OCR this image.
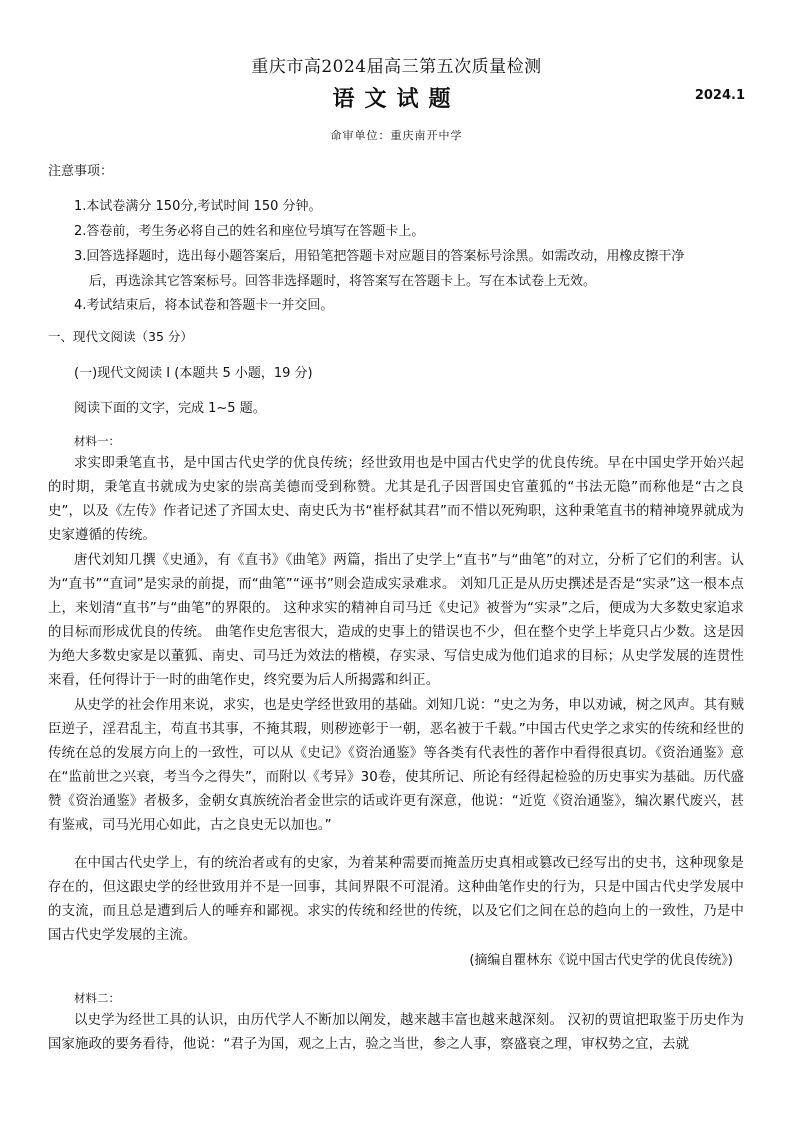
重庆市高2024届高三第五次质量检测
语文试题	2024.1
命审单位：重庆南开中学
注意事项：
1.本试卷满分 150分,考试时间 150 分钟。
2.答卷前，考生务必将自己的姓名和座位号填写在答题卡上。
3.回答选择题时，选出每小题答案后，用铅笔把答题卡对应题目的答案标号涂黑。如需改动，用橡皮擦干净
后，再选涂其它答案标号。回答非选择题时，将答案写在答题卡上。写在本试卷上无效。
4.考试结束后，将本试卷和答题卡一并交回。
一、现代文阅读（35 分）
(一)现代文阅读 I (本题共 5 小题，19 分)
阅读下面的文字，完成 1~5 题。
材料一：

求实即秉笔直书，是中国古代史学的优良传统；经世致用也是中国古代史学的优良传统。早在中国史学开始兴起的时期，秉笔直书就成为史家的崇高美德而受到称赞。尤其是孔子因晋国史官董狐的“书法无隐”而称他是“古之良史”，以及《左传》作者记述了齐国太史、南史氏为书“崔杼弑其君”而不惜以死殉职，这种秉笔直书的精神境界就成为史家遵循的传统。

唐代刘知几撰《史通》，有《直书》《曲笔》两篇，指出了史学上“直书”与“曲笔”的对立，分析了它们的利害。认为“直书”“直词”是实录的前提，而“曲笔”“诬书”则会造成实录难求。 刘知几正是从历史撰述是否是“实录”这一根本点上，来划清“直书”与“曲笔”的界限的。 这种求实的精神自司马迁《史记》被誉为“实录”之后，便成为大多数史家追求的目标而形成优良的传统。 曲笔作史危害很大，造成的史事上的错误也不少，但在整个史学上毕竟只占少数。这是因为绝大多数史家是以董狐、南史、司马迁为效法的楷模，存实录、写信史成为他们追求的目标；从史学发展的连贯性来看，任何得计于一时的曲笔作史，终究要为后人所揭露和纠正。

从史学的社会作用来说，求实，也是史学经世致用的基础。刘知几说：“史之为务，申以劝诫，树之风声。其有贼臣逆子，淫君乱主，苟直书其事，不掩其瑕，则秽迹彰于一朝，恶名被于千载。”中国古代史学之求实的传统和经世的传统在总的发展方向上的一致性，可以从《史记》《资治通鉴》等各类有代表性的著作中看得很真切。《资治通鉴》意在“监前世之兴衰，考当今之得失”，而附以《考异》30卷，使其所记、所论有经得起检验的历史事实为基础。历代盛赞《资治通鉴》者极多，金朝女真族统治者金世宗的话或许更有深意，他说：“近览《资治通鉴》，编次累代废兴，甚有鉴戒，司马光用心如此，古之良史无以加也。”

在中国古代史学上，有的统治者或有的史家，为着某种需要而掩盖历史真相或篡改已经写出的史书，这种现象是存在的，但这跟史学的经世致用并不是一回事，其间界限不可混淆。这种曲笔作史的行为，只是中国古代史学发展中的支流，而且总是遭到后人的唾弃和鄙视。求实的传统和经世的传统，以及它们之间在总的趋向上的一致性，乃是中国古代史学发展的主流。

(摘编自瞿林东《说中国古代史学的优良传统》)
材料二：

以史学为经世工具的认识，由历代学人不断加以阐发，越来越丰富也越来越深刻。 汉初的贾谊把取鉴于历史作为国家施政的要务看待，他说：“君子为国，观之上古，验之当世，参之人事，察盛衰之理，审权势之宜，去就
